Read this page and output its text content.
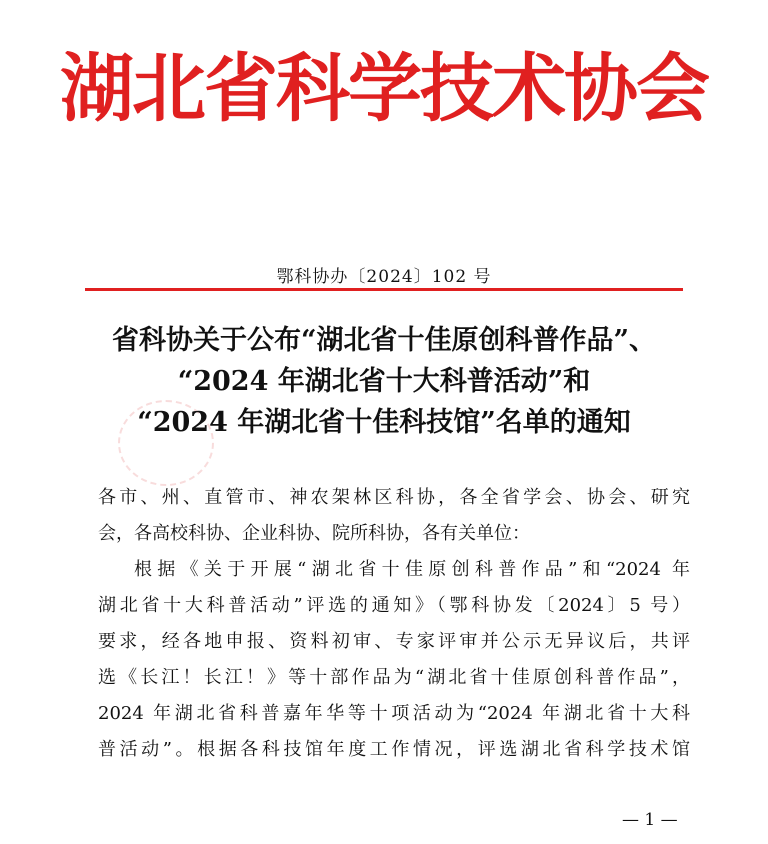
湖北省科学技术协会
鄂科协办〔2024〕102 号
省科协关于公布“湖北省十佳原创科普作品”、
“2024 年湖北省十大科普活动”和
“2024 年湖北省十佳科技馆”名单的通知
各市、州、直管市、神农架林区科协，各全省学会、协会、研究
会，各高校科协、企业科协、院所科协，各有关单位：
根据《关于开展“湖北省十佳原创科普作品”和“2024 年
湖北省十大科普活动”评选的通知》（鄂科协发〔2024〕5 号）
要求，经各地申报、资料初审、专家评审并公示无异议后，共评
选《长江！长江！》等十部作品为“湖北省十佳原创科普作品”，
2024 年湖北省科普嘉年华等十项活动为“2024 年湖北省十大科
普活动”。根据各科技馆年度工作情况，评选湖北省科学技术馆
— 1 —
